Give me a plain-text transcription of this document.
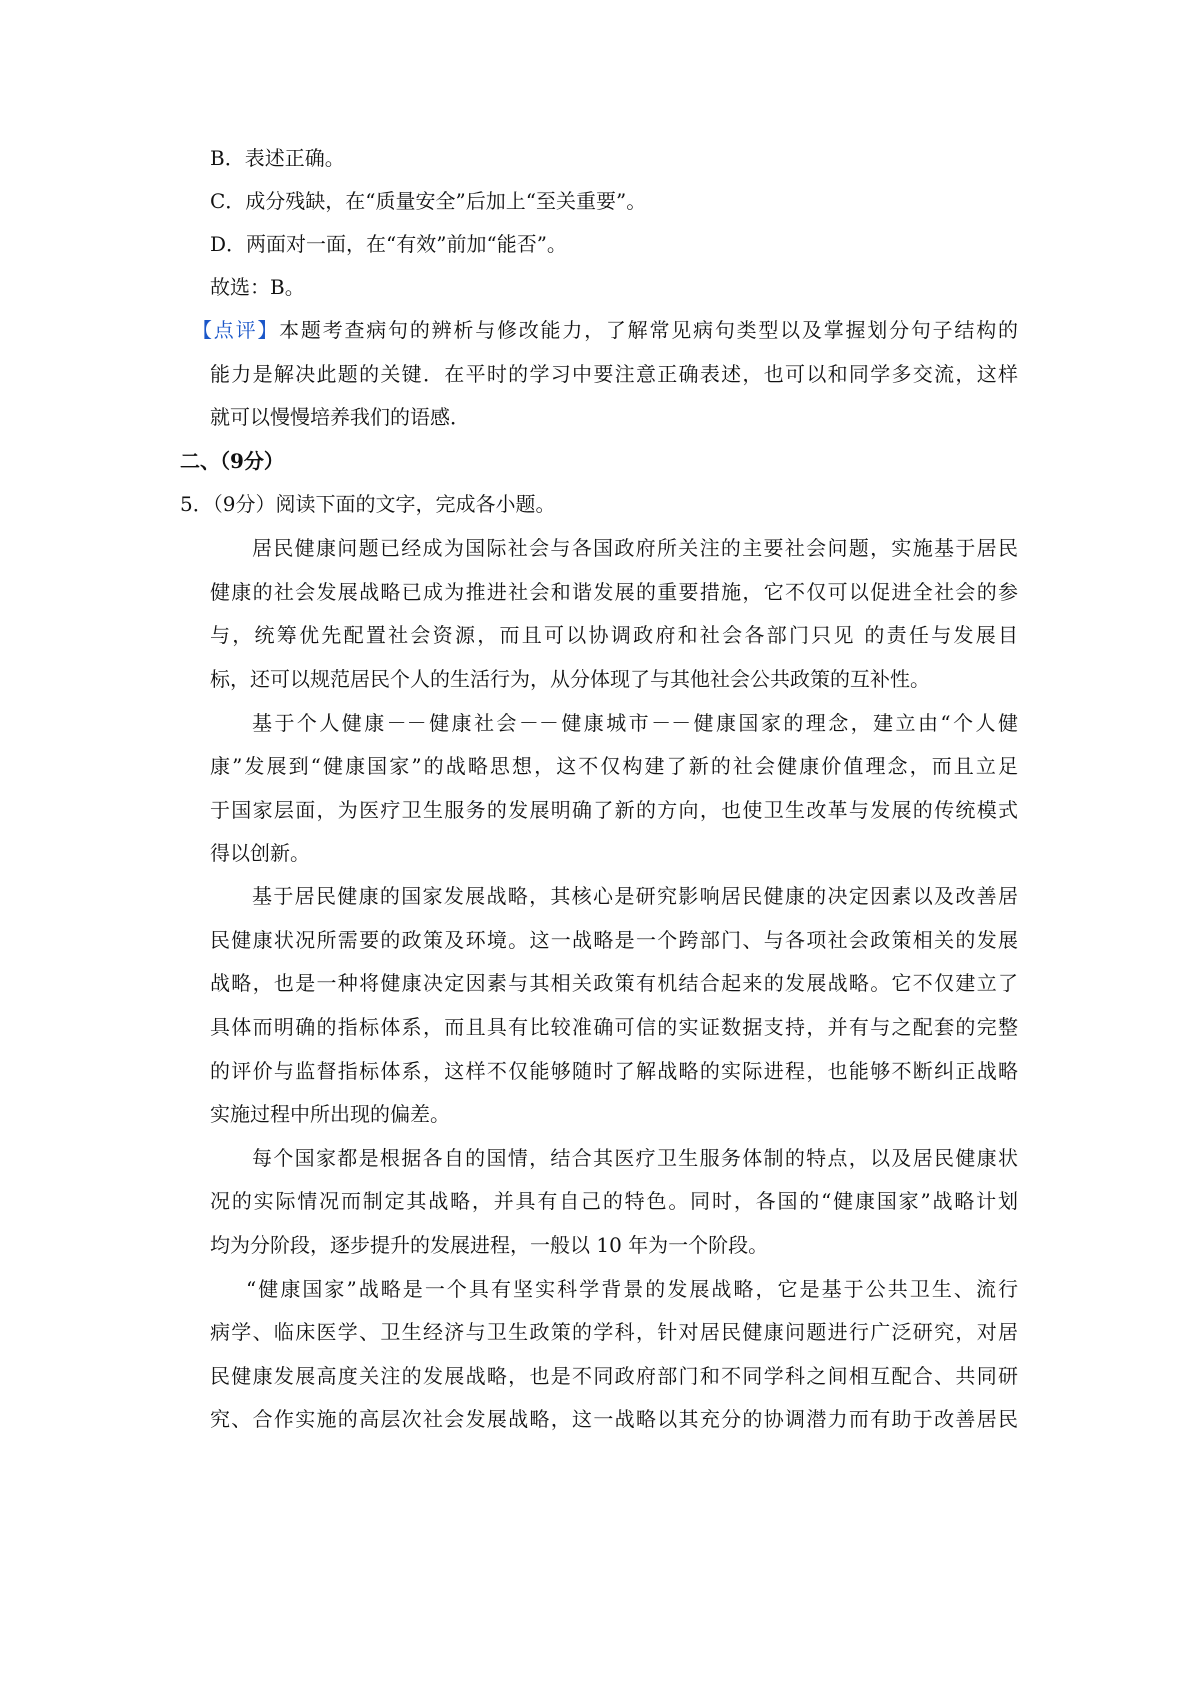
B．表述正确。
C．成分残缺，在“质量安全”后加上“至关重要”。
D．两面对一面，在“有效”前加“能否”。
故选：B。
【点评】本题考查病句的辨析与修改能力，了解常见病句类型以及掌握划分句子结构的
能力是解决此题的关键．在平时的学习中要注意正确表述，也可以和同学多交流，这样
就可以慢慢培养我们的语感．
二、（9分）
5．（9分）阅读下面的文字，完成各小题。
居民健康问题已经成为国际社会与各国政府所关注的主要社会问题，实施基于居民
健康的社会发展战略已成为推进社会和谐发展的重要措施，它不仅可以促进全社会的参
与，统筹优先配置社会资源，而且可以协调政府和社会各部门只见 的责任与发展目
标，还可以规范居民个人的生活行为，从分体现了与其他社会公共政策的互补性。
基于个人健康－－健康社会－－健康城市－－健康国家的理念，建立由“个人健
康”发展到“健康国家”的战略思想，这不仅构建了新的社会健康价值理念，而且立足
于国家层面，为医疗卫生服务的发展明确了新的方向，也使卫生改革与发展的传统模式
得以创新。
基于居民健康的国家发展战略，其核心是研究影响居民健康的决定因素以及改善居
民健康状况所需要的政策及环境。这一战略是一个跨部门、与各项社会政策相关的发展
战略，也是一种将健康决定因素与其相关政策有机结合起来的发展战略。它不仅建立了
具体而明确的指标体系，而且具有比较准确可信的实证数据支持，并有与之配套的完整
的评价与监督指标体系，这样不仅能够随时了解战略的实际进程，也能够不断纠正战略
实施过程中所出现的偏差。
每个国家都是根据各自的国情，结合其医疗卫生服务体制的特点，以及居民健康状
况的实际情况而制定其战略，并具有自己的特色。同时，各国的“健康国家”战略计划
均为分阶段，逐步提升的发展进程，一般以 10 年为一个阶段。
“健康国家”战略是一个具有坚实科学背景的发展战略，它是基于公共卫生、流行
病学、临床医学、卫生经济与卫生政策的学科，针对居民健康问题进行广泛研究，对居
民健康发展高度关注的发展战略，也是不同政府部门和不同学科之间相互配合、共同研
究、合作实施的高层次社会发展战略，这一战略以其充分的协调潜力而有助于改善居民
